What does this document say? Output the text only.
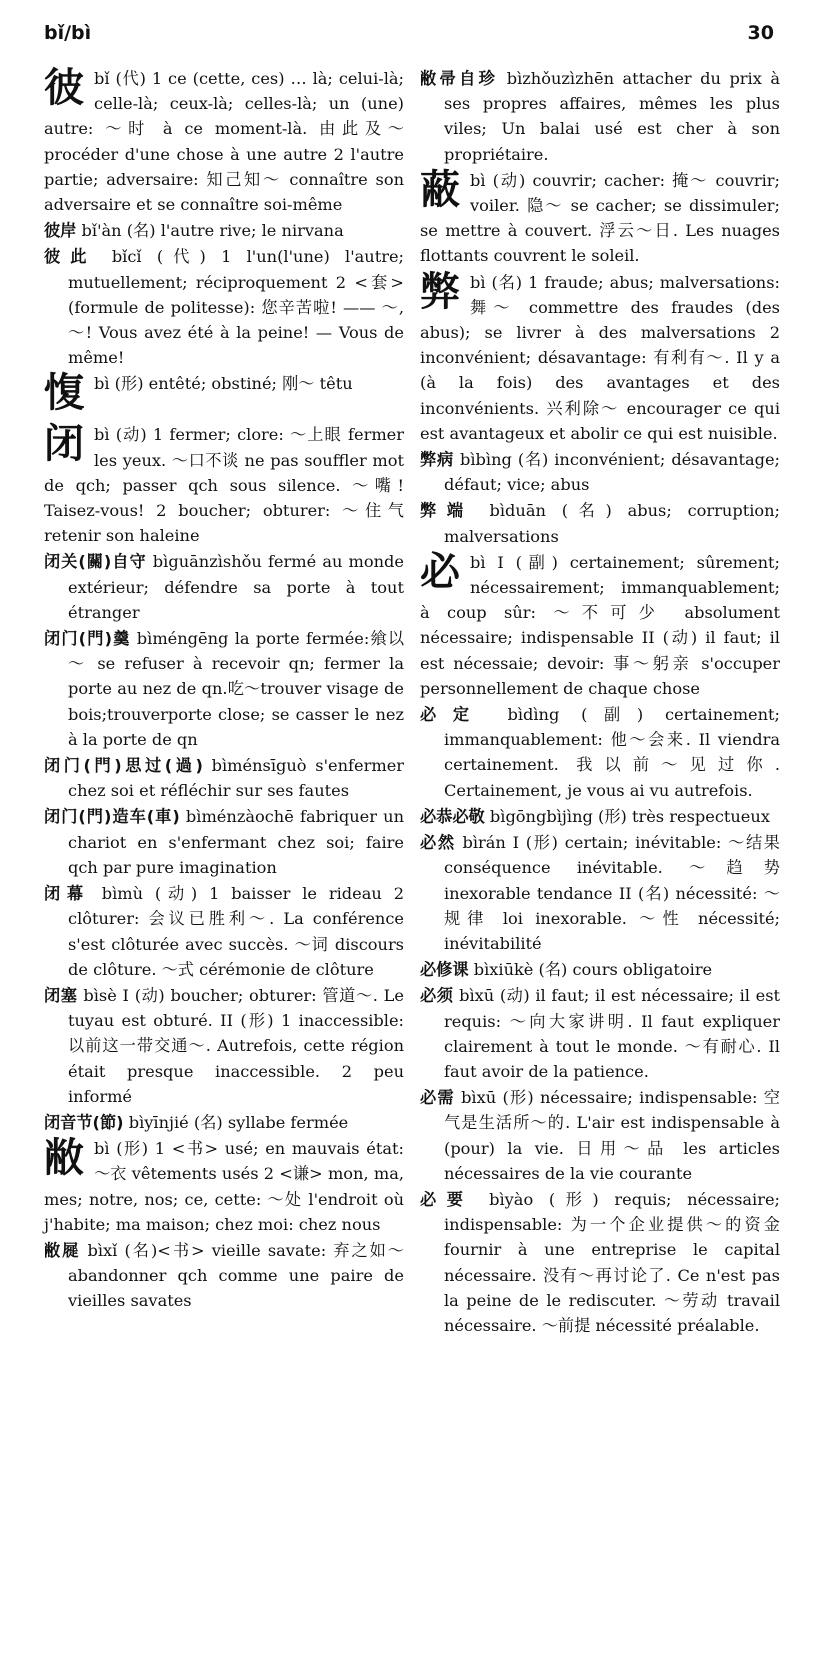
bǐ/bì	30
彼bǐ (代) 1 ce (cette, ces) … là; celui-là; celle-là; ceux-là; celles-là; un (une) autre: ～时 à ce moment-là. 由此及～ procéder d'une chose à une autre 2 l'autre partie; adversaire: 知己知～ connaître son adversaire et se connaître soi-même
彼岸 bǐ'àn (名) l'autre rive; le nirvana
彼此 bǐcǐ (代) 1 l'un(l'une) l'autre; mutuellement; réciproquement 2 <套>(formule de politesse): 您辛苦啦! —— ～, ～! Vous avez été à la peine! — Vous de même!
愎bì (形) entêté; obstiné; 刚～ têtu
闭bì (动) 1 fermer; clore: ～上眼 fermer les yeux. ～口不谈 ne pas souffler mot de qch; passer qch sous silence. ～嘴! Taisez-vous! 2 boucher; obturer: ～住气 retenir son haleine
闭关(關)自守 bìguānzìshǒu fermé au monde extérieur; défendre sa porte à tout étranger
闭门(門)羹 bìméngēng la porte fermée:飨以～ se refuser à recevoir qn; fermer la porte au nez de qn.吃～trouver visage de bois;trouverporte close; se casser le nez à la porte de qn
闭门(門)思过(過) bìménsīguò s'enfermer chez soi et réfléchir sur ses fautes
闭门(門)造车(車) bìménzàochē fabriquer un chariot en s'enfermant chez soi; faire qch par pure imagination
闭幕 bìmù (动) 1 baisser le rideau 2 clôturer: 会议已胜利～. La conférence s'est clôturée avec succès. ～词 discours de clôture. ～式 cérémonie de clôture
闭塞 bìsè I (动) boucher; obturer: 管道～. Le tuyau est obturé. II (形) 1 inaccessible: 以前这一带交通～. Autrefois, cette région était presque inaccessible. 2 peu informé
闭音节(節) bìyīnjié (名) syllabe fermée
敝bì (形) 1 <书> usé; en mauvais état: ～衣 vêtements usés 2 <谦> mon, ma, mes; notre, nos; ce, cette: ～处 l'endroit où j'habite; ma maison; chez moi: chez nous
敝屣 bìxǐ (名)<书> vieille savate: 弃之如～ abandonner qch comme une paire de vieilles savates
敝帚自珍 bìzhǒuzìzhēn attacher du prix à ses propres affaires, mêmes les plus viles; Un balai usé est cher à son propriétaire.
蔽bì (动) couvrir; cacher: 掩～ couvrir; voiler. 隐～ se cacher; se dissimuler; se mettre à couvert. 浮云～日. Les nuages flottants couvrent le soleil.
弊bì (名) 1 fraude; abus; malversations: 舞～ commettre des fraudes (des abus); se livrer à des malversations 2 inconvénient; désavantage: 有利有～. Il y a (à la fois) des avantages et des inconvénients. 兴利除～ encourager ce qui est avantageux et abolir ce qui est nuisible.
弊病 bìbìng (名) inconvénient; désavantage; défaut; vice; abus
弊端 bìduān (名) abus; corruption; malversations
必bì I (副) certainement; sûrement; nécessairement; immanquablement; à coup sûr: ～不可少 absolument nécessaire; indispensable II (动) il faut; il est nécessaie; devoir: 事～躬亲 s'occuper personnellement de chaque chose
必定 bìdìng (副) certainement; immanquablement: 他～会来. Il viendra certainement. 我以前～见过你. Certainement, je vous ai vu autrefois.
必恭必敬 bìgōngbìjìng (形) très respectueux
必然 bìrán I (形) certain; inévitable: ～结果 conséquence inévitable. ～趋势 inexorable tendance II (名) nécessité: ～规律 loi inexorable. ～性 nécessité; inévitabilité
必修课 bìxiūkè (名) cours obligatoire
必须 bìxū (动) il faut; il est nécessaire; il est requis: ～向大家讲明. Il faut expliquer clairement à tout le monde. ～有耐心. Il faut avoir de la patience.
必需 bìxū (形) nécessaire; indispensable: 空气是生活所～的. L'air est indispensable à (pour) la vie. 日用～品 les articles nécessaires de la vie courante
必要 bìyào (形) requis; nécessaire; indispensable: 为一个企业提供～的资金 fournir à une entreprise le capital nécessaire. 没有～再讨论了. Ce n'est pas la peine de le rediscuter. ～劳动 travail nécessaire. ～前提 nécessité préalable.
